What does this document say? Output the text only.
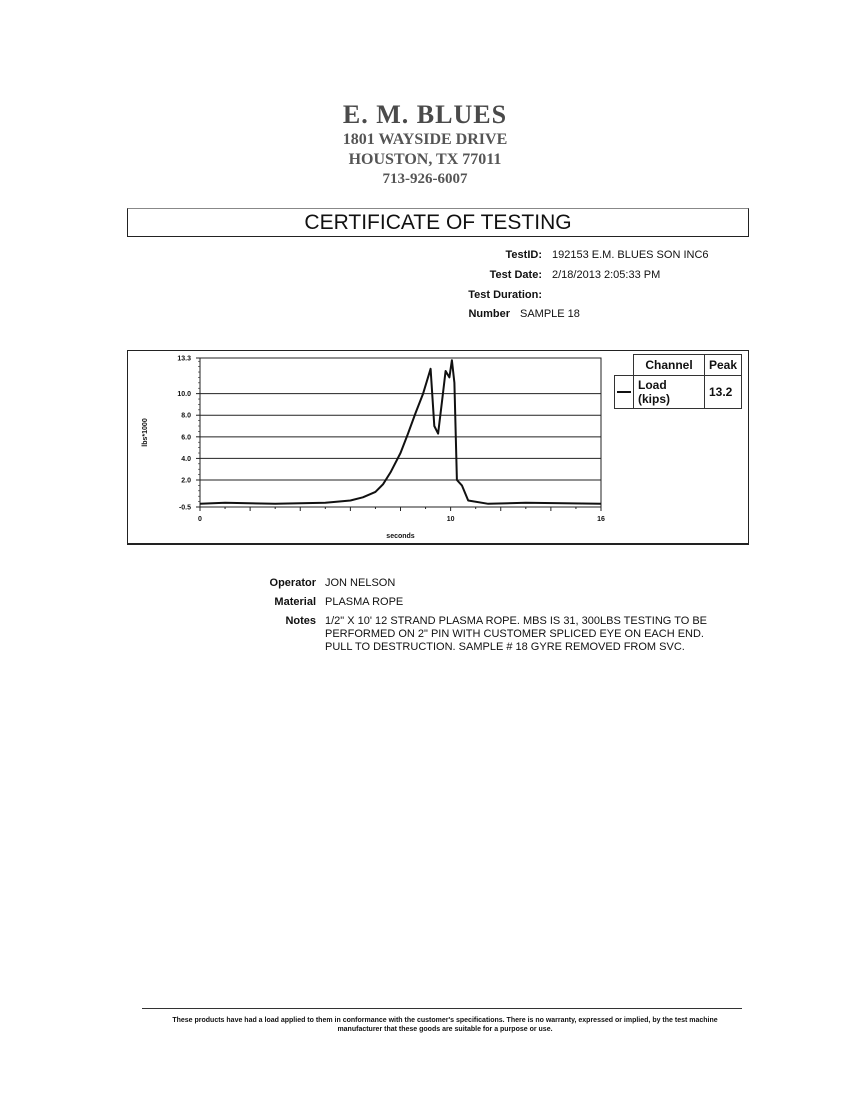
E. M. BLUES
1801 WAYSIDE DRIVE
HOUSTON, TX 77011
713-926-6007
CERTIFICATE OF TESTING
TestID: 192153 E.M. BLUES SON INC6
Test Date: 2/18/2013 2:05:33 PM
Test Duration:
Number SAMPLE 18
13.3
10.0
8.0
6.0
4.0
2.0
-0.5
0	10	16
lbs*1000
seconds
	Channel	Peak

	Load (kips)	13.2
Operator JON NELSON
Material PLASMA ROPE
Notes 1/2" X 10' 12 STRAND PLASMA ROPE. MBS IS 31, 300LBS TESTING TO BE PERFORMED ON 2" PIN WITH CUSTOMER SPLICED EYE ON EACH END. PULL TO DESTRUCTION. SAMPLE # 18 GYRE REMOVED FROM SVC.
These products have had a load applied to them in conformance with the customer's specifications. There is no warranty, expressed or implied, by the test machine manufacturer that these goods are suitable for a purpose or use.
